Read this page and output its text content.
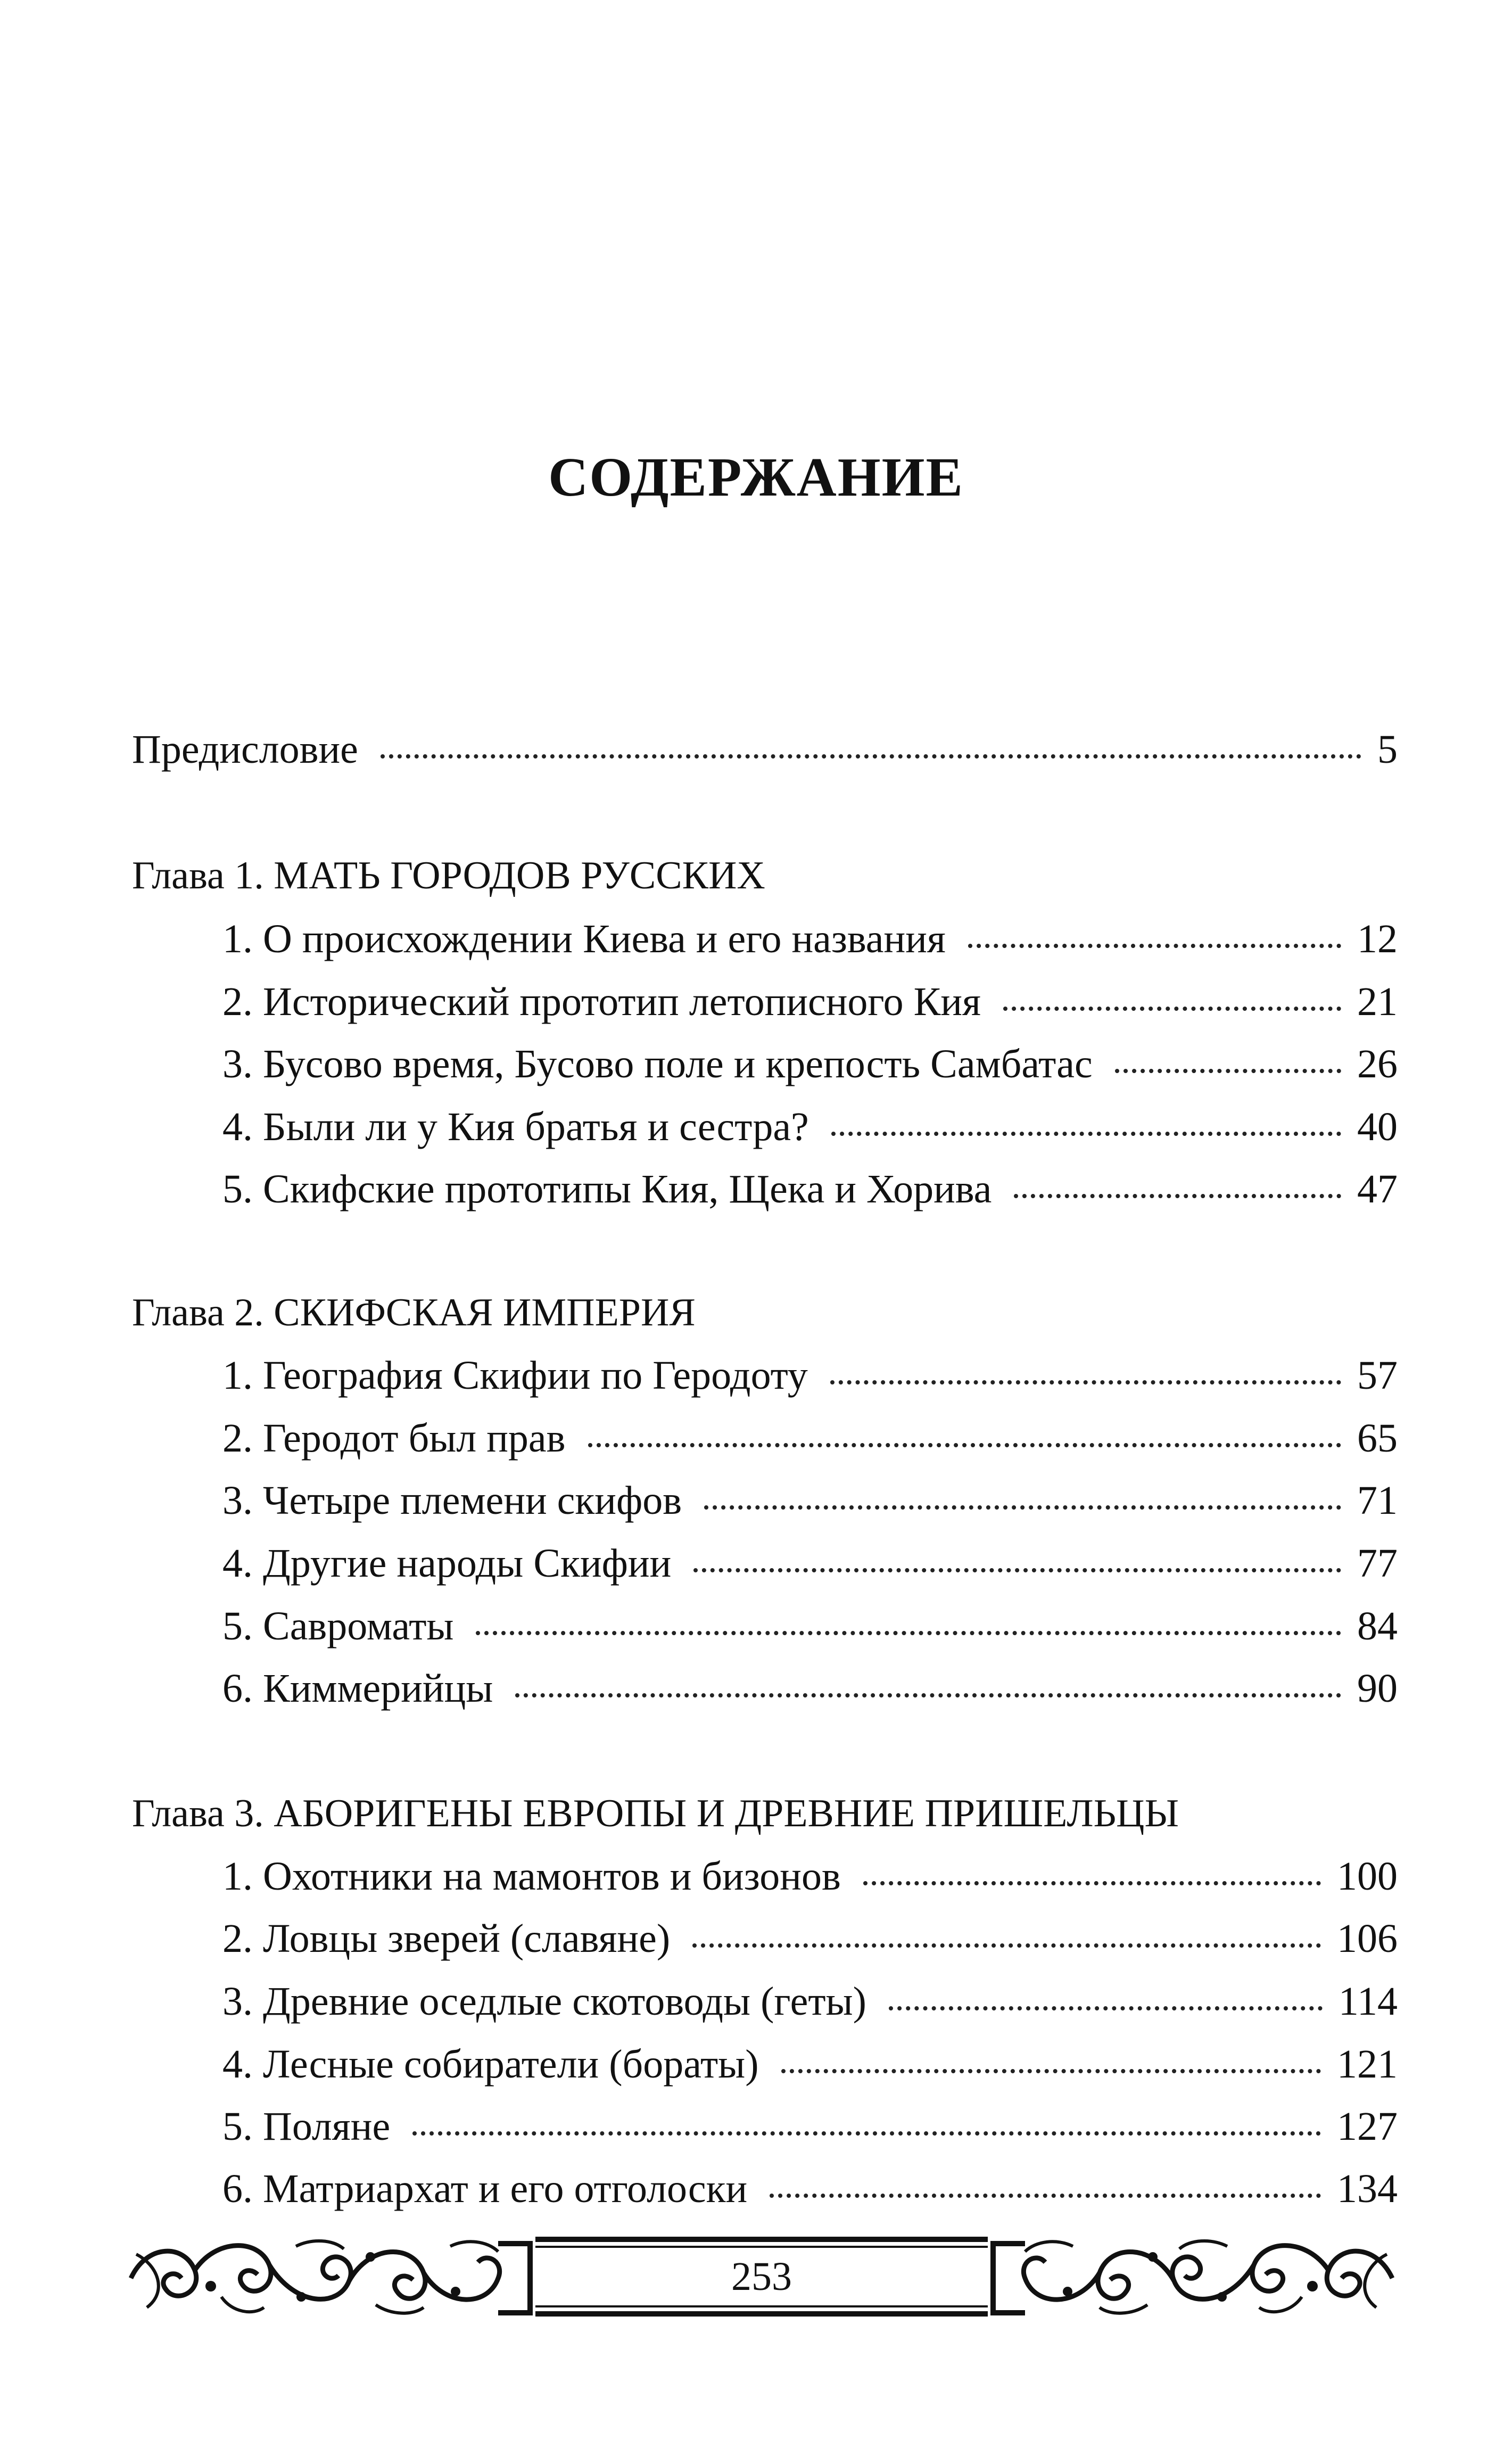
СОДЕРЖАНИЕ
Предисловие	5
Глава 1. МАТЬ ГОРОДОВ РУССКИХ
1. О происхождении Киева и его названия	12
2. Исторический прототип летописного Кия	21
3. Бусово время, Бусово поле и крепость Самбатас	26
4. Были ли у Кия братья и сестра?	40
5. Скифские прототипы Кия, Щека и Хорива	47
Глава 2. СКИФСКАЯ ИМПЕРИЯ
1. География Скифии по Геродоту	57
2. Геродот был прав	65
3. Четыре племени скифов	71
4. Другие народы Скифии	77
5. Савроматы	84
6. Киммерийцы	90
Глава 3. АБОРИГЕНЫ ЕВРОПЫ И ДРЕВНИЕ ПРИШЕЛЬЦЫ
1. Охотники на мамонтов и бизонов	100
2. Ловцы зверей (славяне)	106
3. Древние оседлые скотоводы (геты)	114
4. Лесные собиратели (бораты)	121
5. Поляне	127
6. Матриархат и его отголоски	134
253
